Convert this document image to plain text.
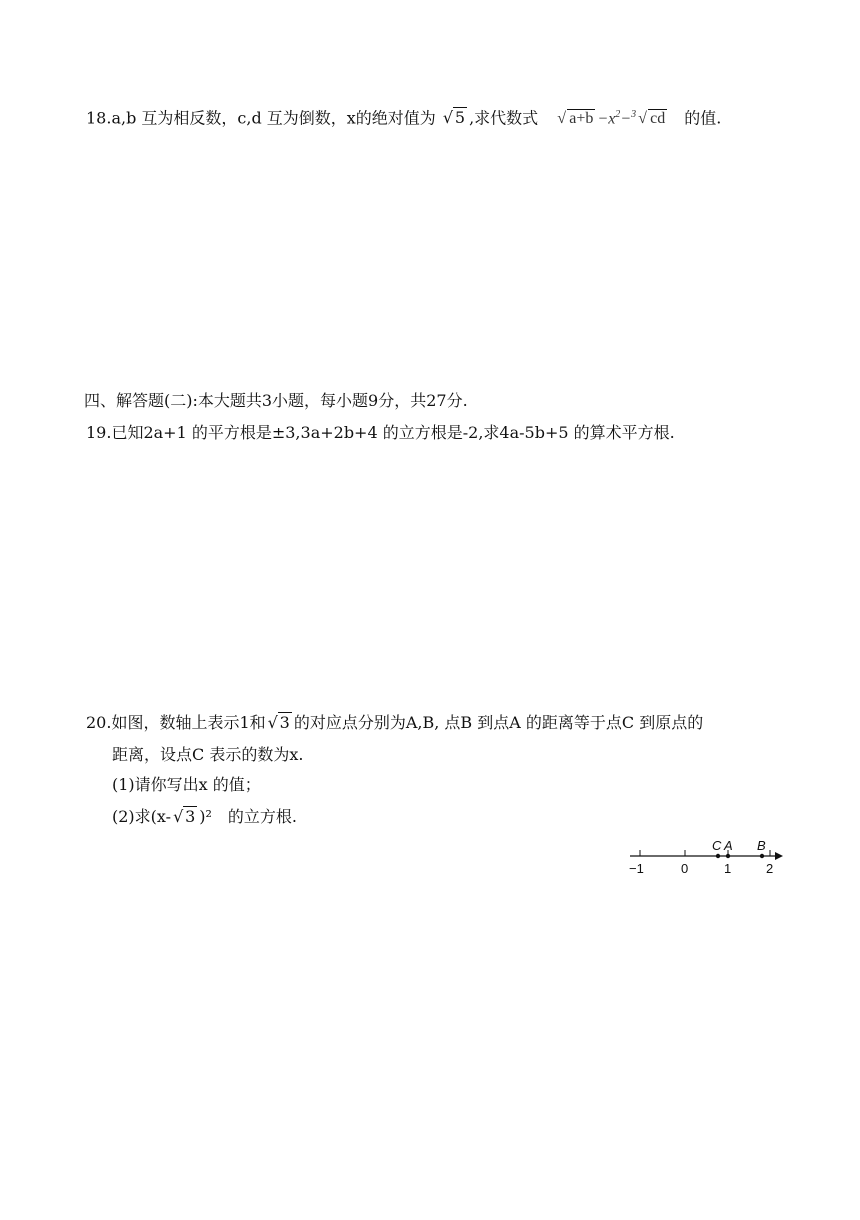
18.a,b 互为相反数，c,d 互为倒数，x的绝对值为 √ 5 ,求代数式 √ $a+b -x^2-^3$ √ cd 的值.
四、解答题(二):本大题共3小题，每小题9分，共27分.
19.已知2a+1 的平方根是±3,3a+2b+4 的立方根是-2,求4a-5b+5 的算术平方根.
20.如图，数轴上表示1和 √ 3 的对应点分别为A,B, 点B 到点A 的距离等于点C 到原点的
距离，设点C 表示的数为x.
(1)请你写出x 的值；
(2)求(x- √ 3 )² 的立方根.
C A B
−1	0	1	2
